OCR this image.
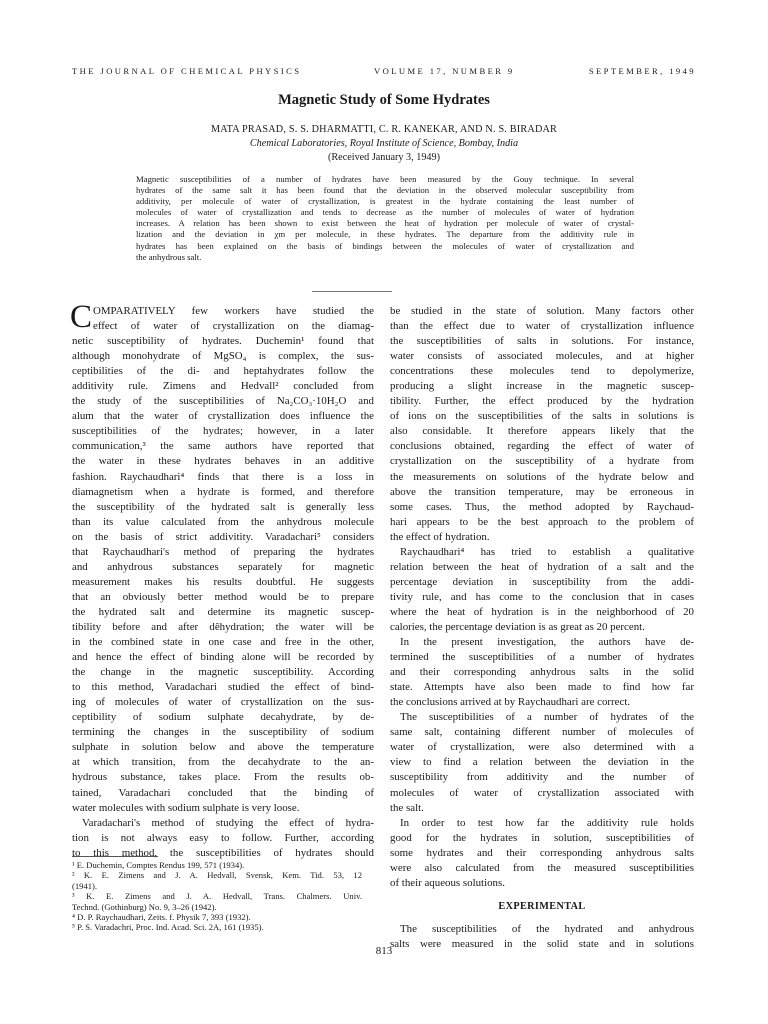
THE JOURNAL OF CHEMICAL PHYSICS	VOLUME 17, NUMBER 9	SEPTEMBER, 1949
Magnetic Study of Some Hydrates
MATA PRASAD, S. S. DHARMATTI, C. R. KANEKAR, AND N. S. BIRADAR
Chemical Laboratories, Royal Institute of Science, Bombay, India
(Received January 3, 1949)
Magnetic susceptibilities of a number of hydrates have been measured by the Gouy technique. In several
hydrates of the same salt it has been found that the deviation in the observed molecular susceptibility from
additivity, per molecule of water of crystallization, is greatest in the hydrate containing the least number of
molecules of water of crystallization and tends to decrease as the number of molecules of water of hydration
increases. A relation has been shown to exist between the heat of hydration per molecule of water of crystal-
lization and the deviation in χm per molecule, in these hydrates. The departure from the additivity rule in
hydrates has been explained on the basis of bindings between the molecules of water of crystallization and
the anhydrous salt.
C OMPARATIVELY few workers have studied the
effect of water of crystallization on the diamag-
netic susceptibility of hydrates. Duchemin¹ found that
although monohydrate of MgSO₄ is complex, the sus-
ceptibilities of the di- and heptahydrates follow the
additivity rule. Zimens and Hedvall² concluded from
the study of the susceptibilities of Na₂CO₃·10H₂O and
alum that the water of crystallization does influence the
susceptibilities of the hydrates; however, in a later
communication,³ the same authors have reported that
the water in these hydrates behaves in an additive
fashion. Raychaudhari⁴ finds that there is a loss in
diamagnetism when a hydrate is formed, and therefore
the susceptibility of the hydrated salt is generally less
than its value calculated from the anhydrous molecule
on the basis of strict addivitity. Varadachari⁵ considers
that Raychaudhari's method of preparing the hydrates
and anhydrous substances separately for magnetic
measurement makes his results doubtful. He suggests
that an obviously better method would be to prepare
the hydrated salt and determine its magnetic suscep-
tibility before and after dêhydration; the water will be
in the combined state in one case and free in the other,
and hence the effect of binding alone will be recorded by
the change in the magnetic susceptibility. According
to this method, Varadachari studied the effect of bind-
ing of molecules of water of crystallization on the sus-
ceptibility of sodium sulphate decahydrate, by de-
termining the changes in the susceptibility of sodium
sulphate in solution below and above the temperature
at which transition, from the decahydrate to the an-
hydrous substance, takes place. From the results ob-
tained, Varadachari concluded that the binding of
water molecules with sodium sulphate is very loose.
Varadachari's method of studying the effect of hydra-
tion is not always easy to follow. Further, according
to this method, the susceptibilities of hydrates should
be studied in the state of solution. Many factors other
than the effect due to water of crystallization influence
the susceptibilities of salts in solutions. For instance,
water consists of associated molecules, and at higher
concentrations these molecules tend to depolymerize,
producing a slight increase in the magnetic suscep-
tibility. Further, the effect produced by the hydration
of ions on the susceptibilities of the salts in solutions is
also considable. It therefore appears likely that the
conclusions obtained, regarding the effect of water of
crystallization on the susceptibility of a hydrate from
the measurements on solutions of the hydrate below and
above the transition temperature, may be erroneous in
some cases. Thus, the method adopted by Raychaud-
hari appears to be the best approach to the problem of
the effect of hydration.
Raychaudhari⁴ has tried to establish a qualitative
relation between the heat of hydration of a salt and the
percentage deviation in susceptibility from the addi-
tivity rule, and has come to the conclusion that in cases
where the heat of hydration is in the neighborhood of 20
calories, the percentage deviation is as great as 20 percent.
In the present investigation, the authors have de-
termined the susceptibilities of a number of hydrates
and their corresponding anhydrous salts in the solid
state. Attempts have also been made to find how far
the conclusions arrived at by Raychaudhari are correct.
The susceptibilities of a number of hydrates of the
same salt, containing different number of molecules of
water of crystallization, were also determined with a
view to find a relation between the deviation in the
susceptibility from additivity and the number of
molecules of water of crystallization associated with
the salt.
In order to test how far the additivity rule holds
good for the hydrates in solution, susceptibilities of
some hydrates and their corresponding anhydrous salts
were also calculated from the measured susceptibilities
of their aqueous solutions.
EXPERIMENTAL
The susceptibilities of the hydrated and anhydrous
salts were measured in the solid state and in solutions
¹ E. Duchemin, Comptes Rendus 199, 571 (1934).
² K. E. Zimens and J. A. Hedvall, Svensk, Kem. Tid. 53, 12
(1941).
³ K. E. Zimens and J. A. Hedvall, Trans. Chalmers. Univ.
Technd. (Gothinburg) No. 9, 3–26 (1942).
⁴ D. P. Raychaudhari, Zeits. f. Physik 7, 393 (1932).
⁵ P. S. Varadachri, Proc. Ind. Acad. Sci. 2A, 161 (1935).
813
